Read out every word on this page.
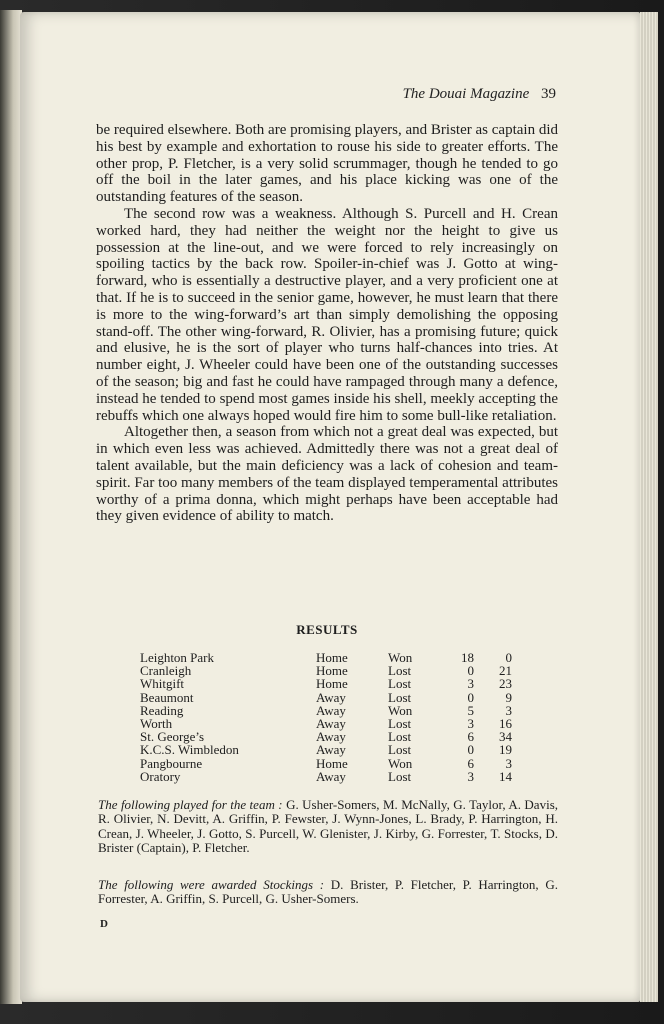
The Douai Magazine 39

be required elsewhere. Both are promising players, and Brister as captain did his best by example and exhortation to rouse his side to greater efforts. The other prop, P. Fletcher, is a very solid scrummager, though he tended to go off the boil in the later games, and his place kicking was one of the outstanding features of the season.

The second row was a weakness. Although S. Purcell and H. Crean worked hard, they had neither the weight nor the height to give us possession at the line-out, and we were forced to rely increasingly on spoiling tactics by the back row. Spoiler-in-chief was J. Gotto at wing-forward, who is essentially a destructive player, and a very proficient one at that. If he is to succeed in the senior game, however, he must learn that there is more to the wing-forward’s art than simply demolishing the opposing stand-off. The other wing-forward, R. Olivier, has a promising future; quick and elusive, he is the sort of player who turns half-chances into tries. At number eight, J. Wheeler could have been one of the outstanding successes of the season; big and fast he could have rampaged through many a defence, instead he tended to spend most games inside his shell, meekly accepting the rebuffs which one always hoped would fire him to some bull-like retaliation.

Altogether then, a season from which not a great deal was expected, but in which even less was achieved. Admittedly there was not a great deal of talent available, but the main deficiency was a lack of cohesion and team-spirit. Far too many members of the team displayed temperamental attributes worthy of a prima donna, which might perhaps have been acceptable had they given evidence of ability to match.

RESULTS
Leighton Park	Home	Won	18	0
Cranleigh	Home	Lost	0	21
Whitgift	Home	Lost	3	23
Beaumont	Away	Lost	0	9
Reading	Away	Won	5	3
Worth	Away	Lost	3	16
St. George’s	Away	Lost	6	34
K.C.S. Wimbledon	Away	Lost	0	19
Pangbourne	Home	Won	6	3
Oratory	Away	Lost	3	14
The following played for the team : G. Usher-Somers, M. McNally, G. Taylor, A. Davis, R. Olivier, N. Devitt, A. Griffin, P. Fewster, J. Wynn-Jones, L. Brady, P. Harrington, H. Crean, J. Wheeler, J. Gotto, S. Purcell, W. Glenister, J. Kirby, G. Forrester, T. Stocks, D. Brister (Captain), P. Fletcher.
The following were awarded Stockings : D. Brister, P. Fletcher, P. Harrington, G. Forrester, A. Griffin, S. Purcell, G. Usher-Somers.
D
